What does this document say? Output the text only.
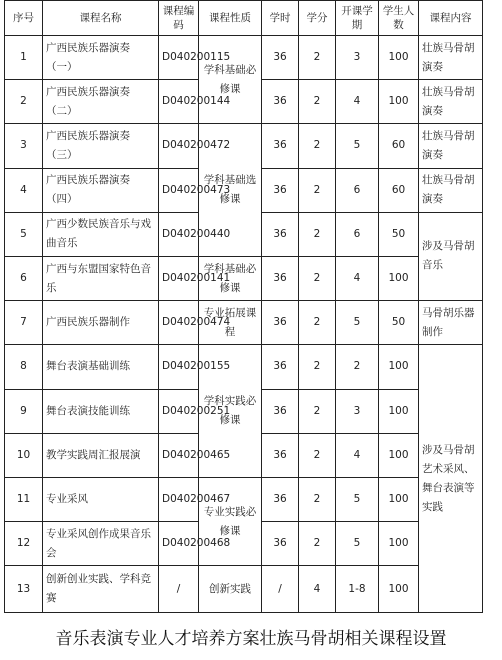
序号	课程名称	课程编码	课程性质	学时	学分	开课学期	学生人数	课程内容
1	广西民族乐器演奏（一）	D040200115	学科基础必修课	36	2	3	100	壮族马骨胡演奏
2	广西民族乐器演奏（二）	D040200144		36	2	4	100	壮族马骨胡演奏
3	广西民族乐器演奏（三）	D040200472	学科基础选修课	36	2	5	60	壮族马骨胡演奏
4	广西民族乐器演奏（四）	D040200473		36	2	6	60	壮族马骨胡演奏
5	广西少数民族音乐与戏曲音乐	D040200440		36	2	6	50	涉及马骨胡音乐
6	广西与东盟国家特色音乐	D040200141	学科基础必修课	36	2	4	100	
7	广西民族乐器制作	D040200474	专业拓展课程	36	2	5	50	马骨胡乐器制作
8	舞台表演基础训练	D040200155	学科实践必修课	36	2	2	100	涉及马骨胡艺术采风、舞台表演等实践
9	舞台表演技能训练	D040200251		36	2	3	100	
10	教学实践周汇报展演	D040200465		36	2	4	100	
11	专业采风	D040200467	专业实践必修课	36	2	5	100	
12	专业采风创作成果音乐会	D040200468		36	2	5	100	
13	创新创业实践、学科竞赛	/	创新实践	/	4	1-8	100	
音乐表演专业人才培养方案壮族马骨胡相关课程设置
